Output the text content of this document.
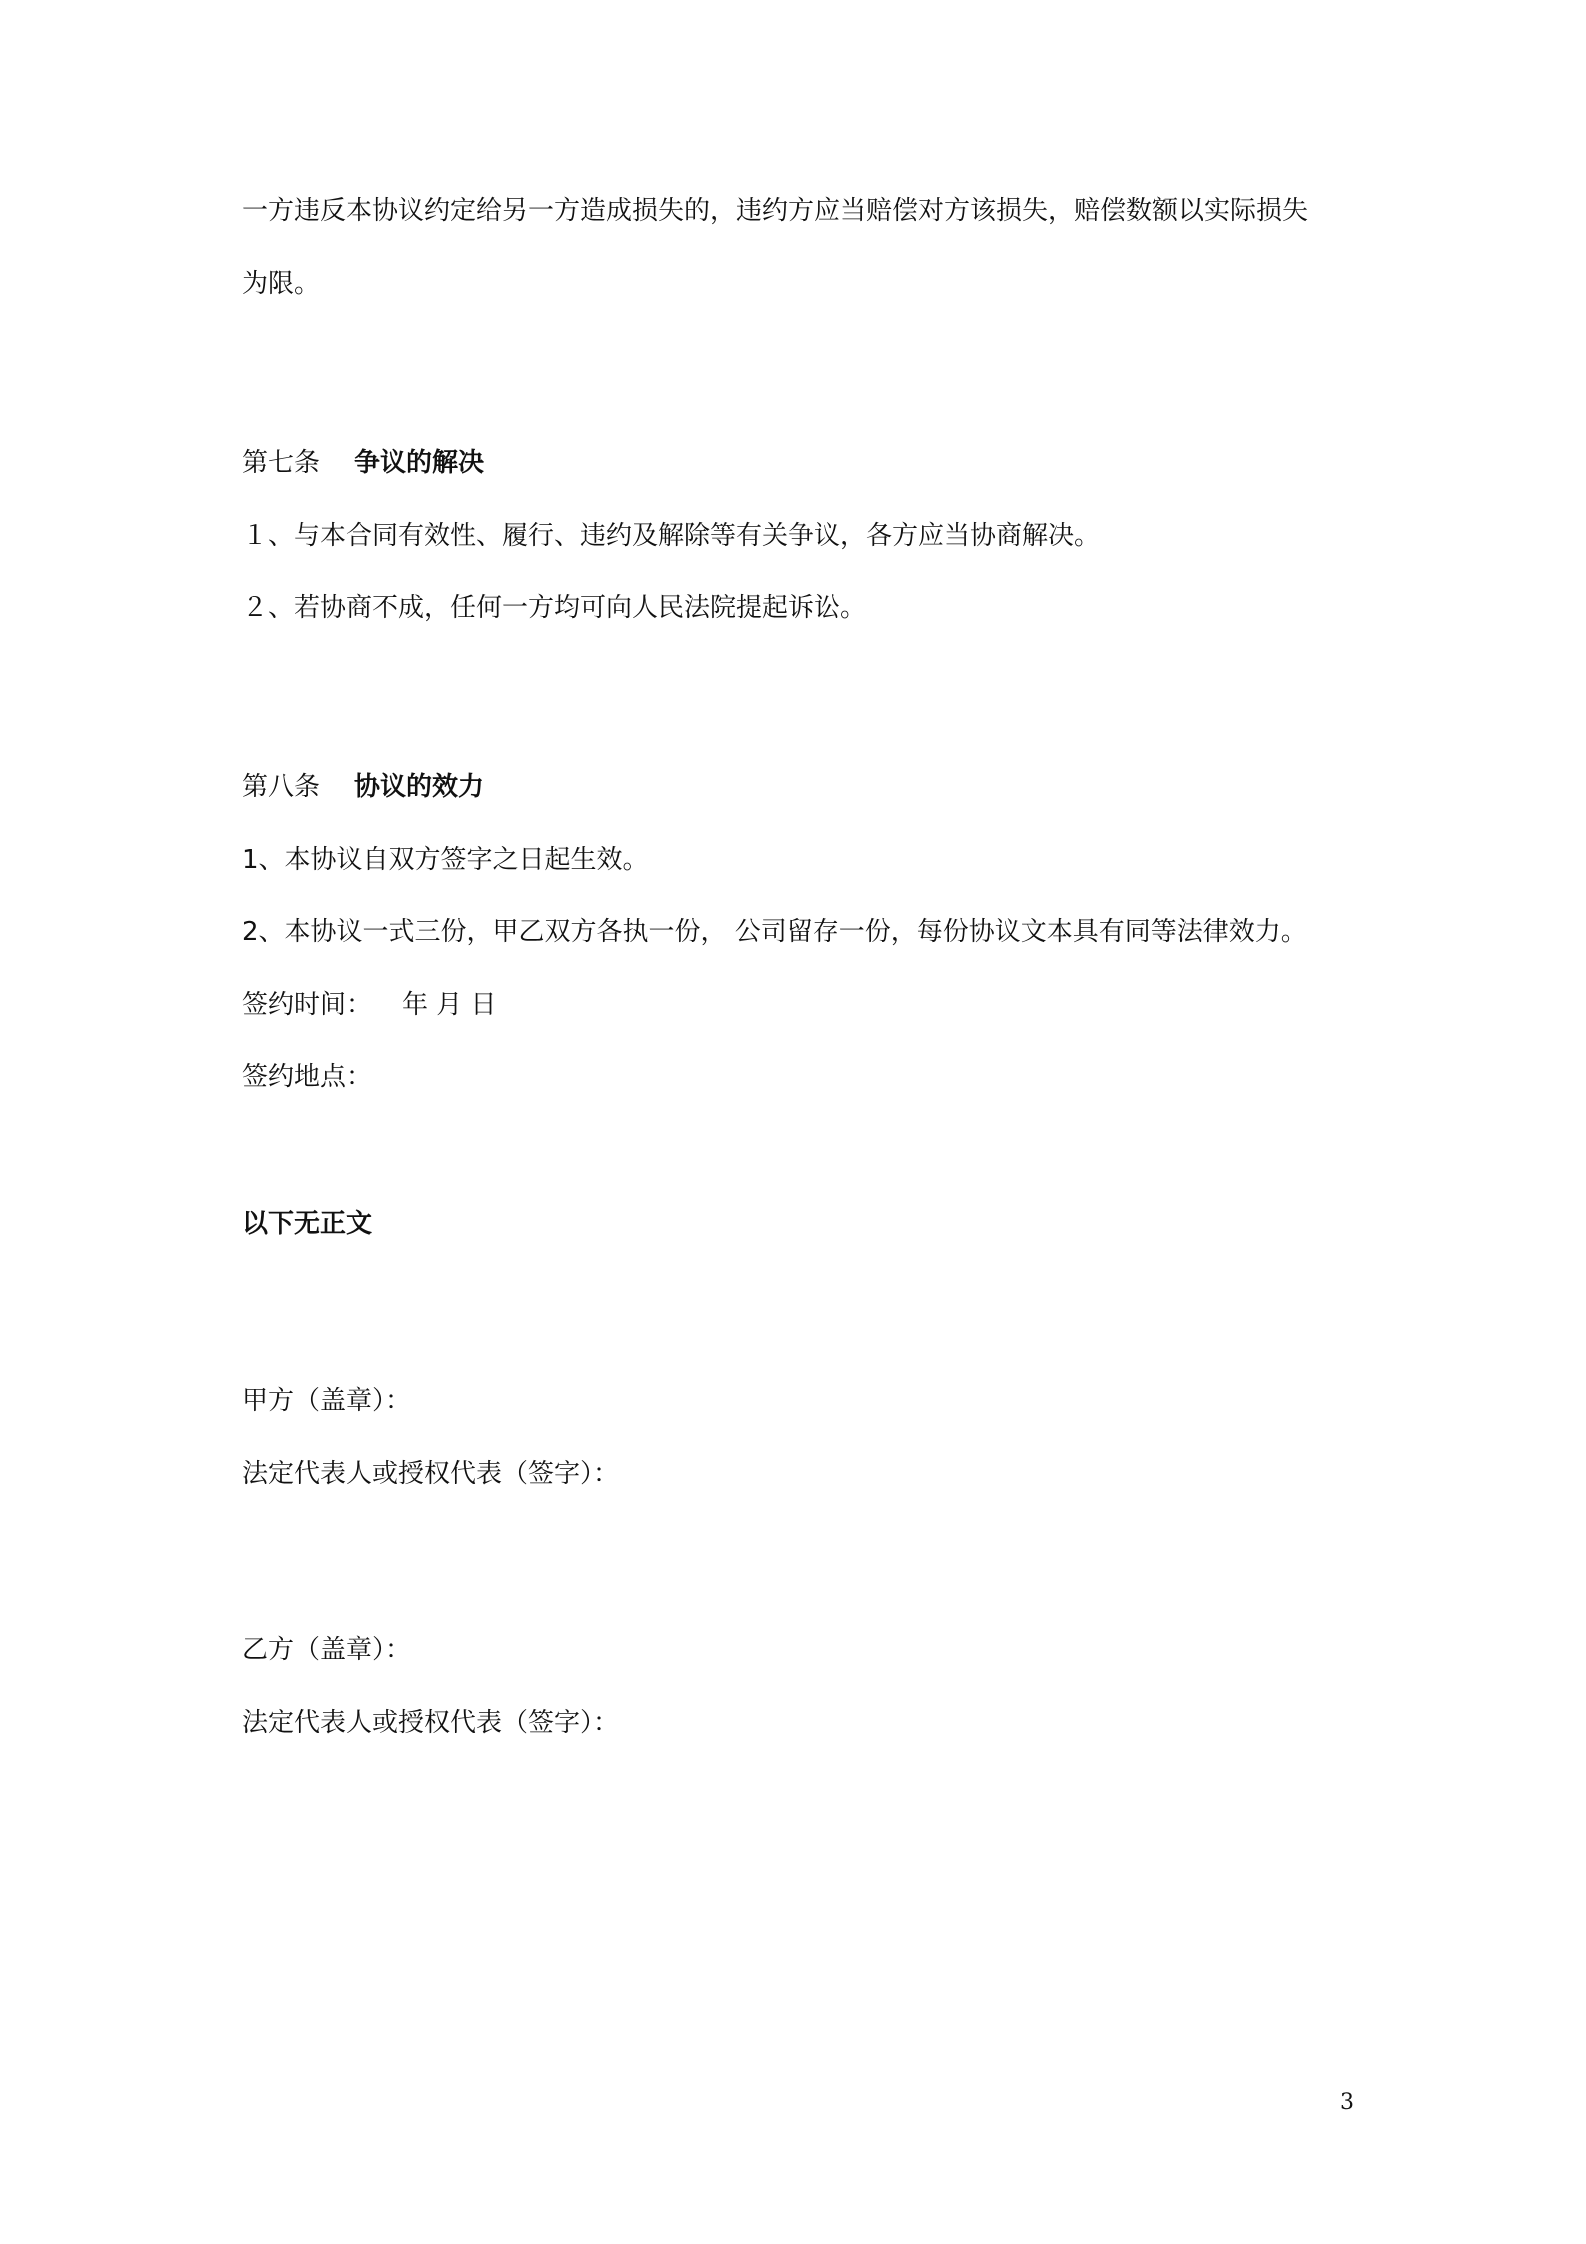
一方违反本协议约定给另一方造成损失的，违约方应当赔偿对方该损失，赔偿数额以实际损失
为限。
第七条 争议的解决
１、与本合同有效性、履行、违约及解除等有关争议，各方应当协商解决。
２、若协商不成，任何一方均可向人民法院提起诉讼。
第八条 协议的效力
1、本协议自双方签字之日起生效。
2、本协议一式三份，甲乙双方各执一份， 公司留存一份，每份协议文本具有同等法律效力。
签约时间： 年 月 日
签约地点：
以下无正文
甲方（盖章）：
法定代表人或授权代表（签字）：
乙方（盖章）：
法定代表人或授权代表（签字）：
3
